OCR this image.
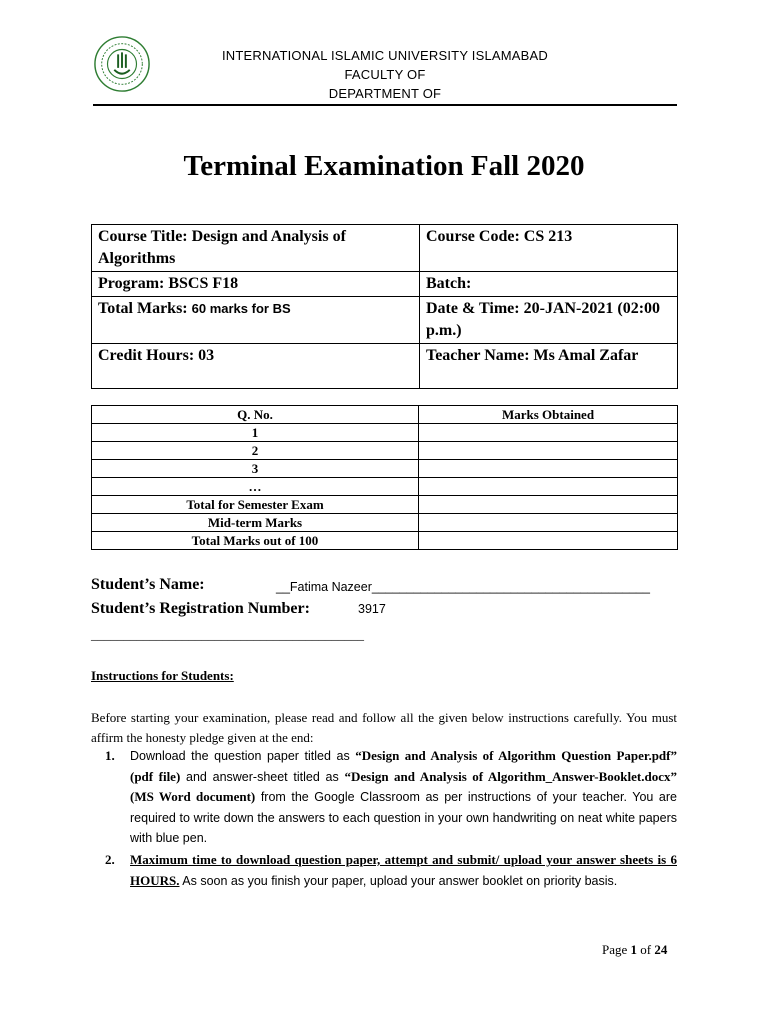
INTERNATIONAL ISLAMIC UNIVERSITY ISLAMABAD
FACULTY OF
DEPARTMENT OF
Terminal Examination Fall 2020
Course Title: Design and Analysis of Algorithms	Course Code: CS 213
Program: BSCS F18	Batch:
Total Marks: 60 marks for BS	Date & Time: 20-JAN-2021 (02:00 p.m.)
Credit Hours: 03	Teacher Name: Ms Amal Zafar
Q. No.	Marks Obtained
1	
2	
3	
…	
Total for Semester Exam	
Mid-term Marks	
Total Marks out of 100	
Student’s Name:	__Fatima Nazeer________________________________________
Student’s Registration Number:	3917
__________________________________________
Instructions for Students:
Before starting your examination, please read and follow all the given below instructions carefully. You must affirm the honesty pledge given at the end:
1. Download the question paper titled as “Design and Analysis of Algorithm Question Paper.pdf” (pdf file) and answer-sheet titled as “Design and Analysis of Algorithm_Answer-Booklet.docx” (MS Word document) from the Google Classroom as per instructions of your teacher. You are required to write down the answers to each question in your own handwriting on neat white papers with blue pen.
2. Maximum time to download question paper, attempt and submit/ upload your answer sheets is 6 HOURS. As soon as you finish your paper, upload your answer booklet on priority basis.
Page 1 of 24
